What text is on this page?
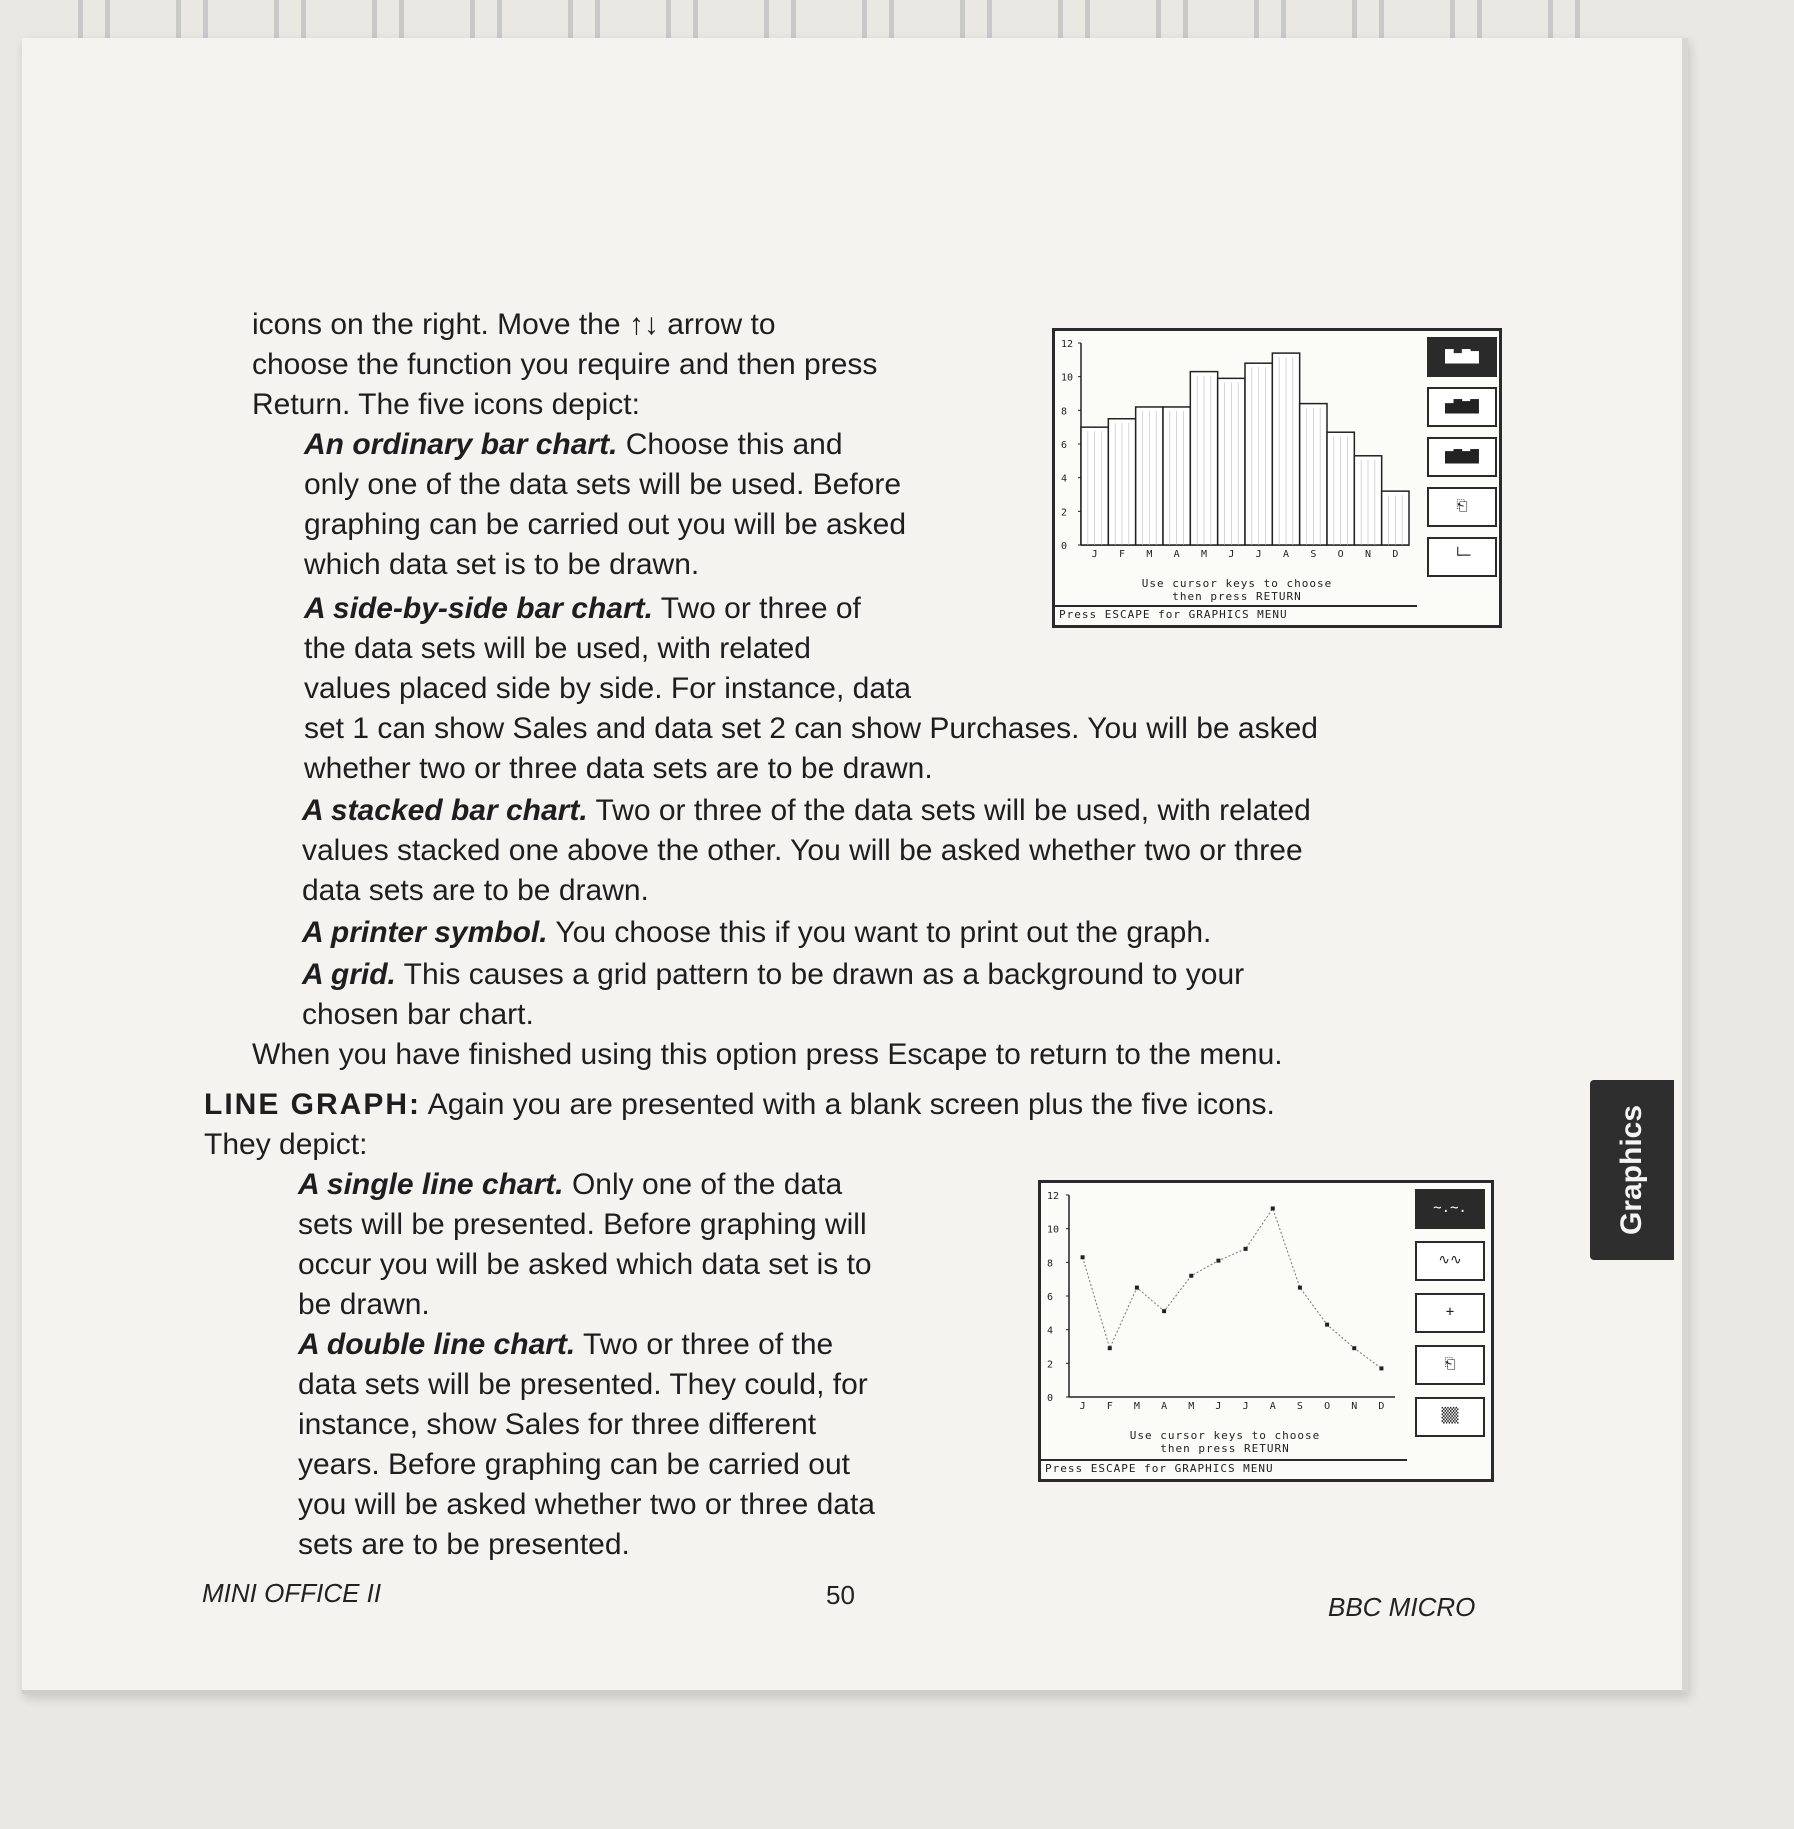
icons on the right. Move the ↑↓ arrow to
choose the function you require and then press
Return. The five icons depict:
An ordinary bar chart. Choose this and
only one of the data sets will be used. Before
graphing can be carried out you will be asked
which data set is to be drawn.
A side-by-side bar chart. Two or three of
the data sets will be used, with related
values placed side by side. For instance, data
set 1 can show Sales and data set 2 can show Purchases. You will be asked
whether two or three data sets are to be drawn.
A stacked bar chart. Two or three of the data sets will be used, with related
values stacked one above the other. You will be asked whether two or three
data sets are to be drawn.
A printer symbol. You choose this if you want to print out the graph.
A grid. This causes a grid pattern to be drawn as a background to your
chosen bar chart.
When you have finished using this option press Escape to return to the menu.
LINE GRAPH: Again you are presented with a blank screen plus the five icons.
They depict:
A single line chart. Only one of the data
sets will be presented. Before graphing will
occur you will be asked which data set is to
be drawn.
A double line chart. Two or three of the
data sets will be presented. They could, for
instance, show Sales for three different
years. Before graphing can be carried out
you will be asked whether two or three data
sets are to be presented.
12
10
8
6
4
2
0
J F M A M J J A S O N D
▇▅▇▆
▅▇▆▇
▆▇▆▇
⎗
└─
Use cursor keys to choose
then press RETURN
Press ESCAPE for GRAPHICS MENU
12
10
8
6
4
2
0
J F M A M J J A S O N D
~.~.
∿∿
+
⎗
▒▒
Use cursor keys to choose
then press RETURN
Press ESCAPE for GRAPHICS MENU
Graphics
MINI OFFICE II	50	BBC MICRO
